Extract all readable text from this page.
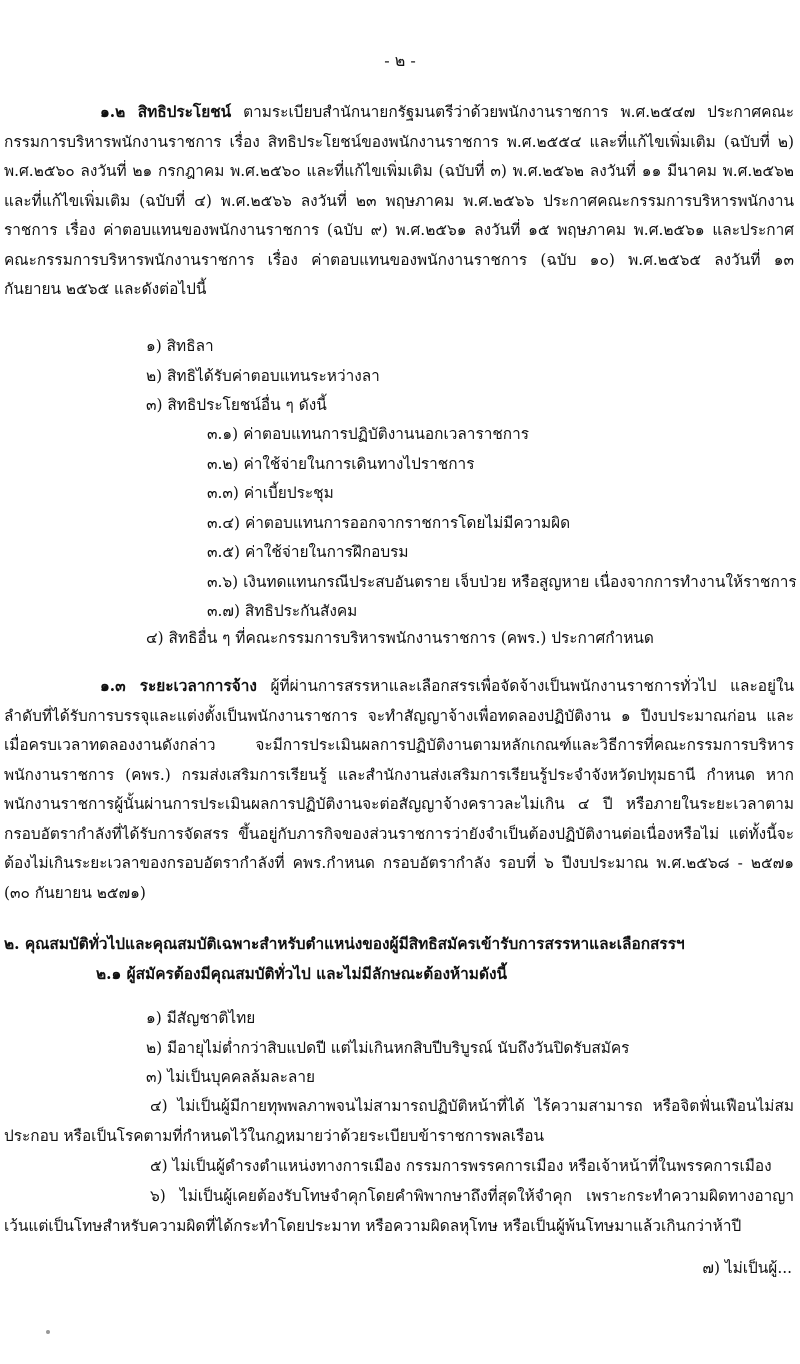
- ๒ -

๑.๒ สิทธิประโยชน์ ตามระเบียบสำนักนายกรัฐมนตรีว่าด้วยพนักงานราชการ พ.ศ.๒๕๔๗ ประกาศคณะกรรมการบริหารพนักงานราชการ เรื่อง สิทธิประโยชน์ของพนักงานราชการ พ.ศ.๒๕๕๔ และที่แก้ไขเพิ่มเติม (ฉบับที่ ๒) พ.ศ.๒๕๖๐ ลงวันที่ ๒๑ กรกฎาคม พ.ศ.๒๕๖๐ และที่แก้ไขเพิ่มเติม (ฉบับที่ ๓) พ.ศ.๒๕๖๒ ลงวันที่ ๑๑ มีนาคม พ.ศ.๒๕๖๒ และที่แก้ไขเพิ่มเติม (ฉบับที่ ๔) พ.ศ.๒๕๖๖ ลงวันที่ ๒๓ พฤษภาคม พ.ศ.๒๕๖๖ ประกาศคณะกรรมการบริหารพนักงานราชการ เรื่อง ค่าตอบแทนของพนักงานราชการ (ฉบับ ๙) พ.ศ.๒๕๖๑ ลงวันที่ ๑๕ พฤษภาคม พ.ศ.๒๕๖๑ และประกาศคณะกรรมการบริหารพนักงานราชการ เรื่อง ค่าตอบแทนของพนักงานราชการ (ฉบับ ๑๐) พ.ศ.๒๕๖๕ ลงวันที่ ๑๓ กันยายน ๒๕๖๕ และดังต่อไปนี้

๑) สิทธิลา
๒) สิทธิได้รับค่าตอบแทนระหว่างลา
๓) สิทธิประโยชน์อื่น ๆ ดังนี้
๓.๑) ค่าตอบแทนการปฏิบัติงานนอกเวลาราชการ
๓.๒) ค่าใช้จ่ายในการเดินทางไปราชการ
๓.๓) ค่าเบี้ยประชุม
๓.๔) ค่าตอบแทนการออกจากราชการโดยไม่มีความผิด
๓.๕) ค่าใช้จ่ายในการฝึกอบรม
๓.๖) เงินทดแทนกรณีประสบอันตราย เจ็บป่วย หรือสูญหาย เนื่องจากการทำงานให้ราชการ
๓.๗) สิทธิประกันสังคม
๔) สิทธิอื่น ๆ ที่คณะกรรมการบริหารพนักงานราชการ (คพร.) ประกาศกำหนด

๑.๓ ระยะเวลาการจ้าง ผู้ที่ผ่านการสรรหาและเลือกสรรเพื่อจัดจ้างเป็นพนักงานราชการทั่วไป และอยู่ในลำดับที่ได้รับการบรรจุและแต่งตั้งเป็นพนักงานราชการ จะทำสัญญาจ้างเพื่อทดลองปฏิบัติงาน ๑ ปีงบประมาณก่อน และเมื่อครบเวลาทดลองงานดังกล่าว จะมีการประเมินผลการปฏิบัติงานตามหลักเกณฑ์และวิธีการที่คณะกรรมการบริหารพนักงานราชการ (คพร.) กรมส่งเสริมการเรียนรู้ และสำนักงานส่งเสริมการเรียนรู้ประจำจังหวัดปทุมธานี กำหนด หากพนักงานราชการผู้นั้นผ่านการประเมินผลการปฏิบัติงานจะต่อสัญญาจ้างคราวละไม่เกิน ๔ ปี หรือภายในระยะเวลาตามกรอบอัตรากำลังที่ได้รับการจัดสรร ขึ้นอยู่กับภารกิจของส่วนราชการว่ายังจำเป็นต้องปฏิบัติงานต่อเนื่องหรือไม่ แต่ทั้งนี้จะต้องไม่เกินระยะเวลาของกรอบอัตรากำลังที่ คพร.กำหนด กรอบอัตรากำลัง รอบที่ ๖ ปีงบประมาณ พ.ศ.๒๕๖๘ - ๒๕๗๑ (๓๐ กันยายน ๒๕๗๑)

๒. คุณสมบัติทั่วไปและคุณสมบัติเฉพาะสำหรับตำแหน่งของผู้มีสิทธิสมัครเข้ารับการสรรหาและเลือกสรรฯ

๒.๑ ผู้สมัครต้องมีคุณสมบัติทั่วไป และไม่มีลักษณะต้องห้ามดังนี้

๑) มีสัญชาติไทย
๒) มีอายุไม่ต่ำกว่าสิบแปดปี แต่ไม่เกินหกสิบปีบริบูรณ์ นับถึงวันปิดรับสมัคร
๓) ไม่เป็นบุคคลล้มละลาย

๔) ไม่เป็นผู้มีกายทุพพลภาพจนไม่สามารถปฏิบัติหน้าที่ได้ ไร้ความสามารถ หรือจิตฟั่นเฟือนไม่สมประกอบ หรือเป็นโรคตามที่กำหนดไว้ในกฎหมายว่าด้วยระเบียบข้าราชการพลเรือน

๕) ไม่เป็นผู้ดำรงตำแหน่งทางการเมือง กรรมการพรรคการเมือง หรือเจ้าหน้าที่ในพรรคการเมือง

๖) ไม่เป็นผู้เคยต้องรับโทษจำคุกโดยคำพิพากษาถึงที่สุดให้จำคุก เพราะกระทำความผิดทางอาญาเว้นแต่เป็นโทษสำหรับความผิดที่ได้กระทำโดยประมาท หรือความผิดลหุโทษ หรือเป็นผู้พ้นโทษมาแล้วเกินกว่าห้าปี

๗) ไม่เป็นผู้...
